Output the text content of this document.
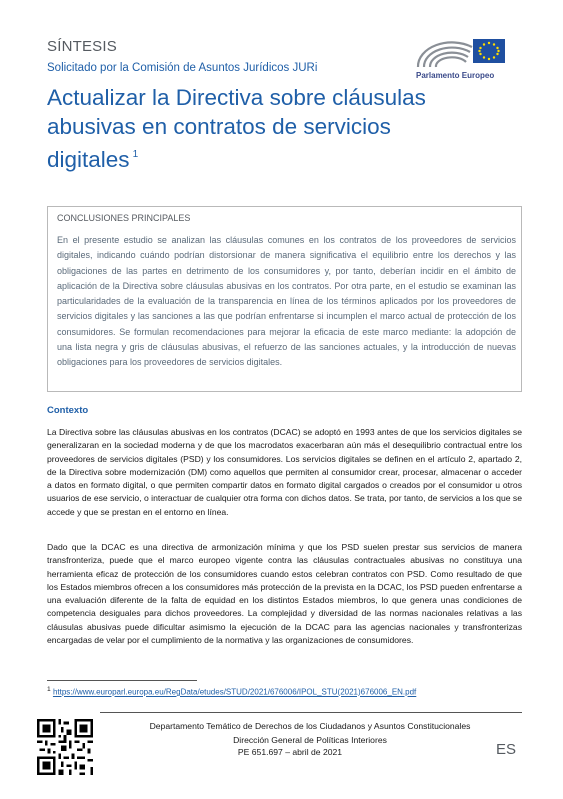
SÍNTESIS
Solicitado por la Comisión de Asuntos Jurídicos JURi
Actualizar la Directiva sobre cláusulas abusivas en contratos de servicios digitales $^1$
Parlamento Europeo
CONCLUSIONES PRINCIPALES
En el presente estudio se analizan las cláusulas comunes en los contratos de los proveedores de servicios digitales, indicando cuándo podrían distorsionar de manera significativa el equilibrio entre los derechos y las obligaciones de las partes en detrimento de los consumidores y, por tanto, deberían incidir en el ámbito de aplicación de la Directiva sobre cláusulas abusivas en los contratos. Por otra parte, en el estudio se examinan las particularidades de la evaluación de la transparencia en línea de los términos aplicados por los proveedores de servicios digitales y las sanciones a las que podrían enfrentarse si incumplen el marco actual de protección de los consumidores. Se formulan recomendaciones para mejorar la eficacia de este marco mediante: la adopción de una lista negra y gris de cláusulas abusivas, el refuerzo de las sanciones actuales, y la introducción de nuevas obligaciones para los proveedores de servicios digitales.
Contexto
La Directiva sobre las cláusulas abusivas en los contratos (DCAC) se adoptó en 1993 antes de que los servicios digitales se generalizaran en la sociedad moderna y de que los macrodatos exacerbaran aún más el desequilibrio contractual entre los proveedores de servicios digitales (PSD) y los consumidores. Los servicios digitales se definen en el artículo 2, apartado 2, de la Directiva sobre modernización (DM) como aquellos que permiten al consumidor crear, procesar, almacenar o acceder a datos en formato digital, o que permiten compartir datos en formato digital cargados o creados por el consumidor u otros usuarios de ese servicio, o interactuar de cualquier otra forma con dichos datos. Se trata, por tanto, de servicios a los que se accede y que se prestan en el entorno en línea.
Dado que la DCAC es una directiva de armonización mínima y que los PSD suelen prestar sus servicios de manera transfronteriza, puede que el marco europeo vigente contra las cláusulas contractuales abusivas no constituya una herramienta eficaz de protección de los consumidores cuando estos celebran contratos con PSD. Como resultado de que los Estados miembros ofrecen a los consumidores más protección de la prevista en la DCAC, los PSD pueden enfrentarse a una evaluación diferente de la falta de equidad en los distintos Estados miembros, lo que genera unas condiciones de competencia desiguales para dichos proveedores. La complejidad y diversidad de las normas nacionales relativas a las cláusulas abusivas puede dificultar asimismo la ejecución de la DCAC para las agencias nacionales y transfronterizas encargadas de velar por el cumplimiento de la normativa y las organizaciones de consumidores.
$^1$ https://www.europarl.europa.eu/RegData/etudes/STUD/2021/676006/IPOL_STU(2021)676006_EN.pdf
Departamento Temático de Derechos de los Ciudadanos y Asuntos Constitucionales
Dirección General de Políticas Interiores
PE 651.697 – abril de 2021	ES
